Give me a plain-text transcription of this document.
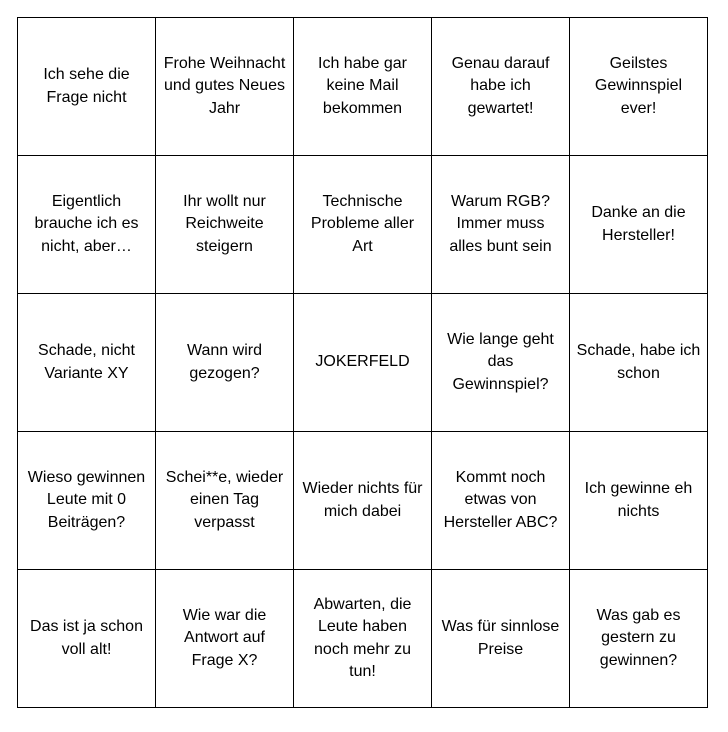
Ich sehe die Frage nicht	Frohe Weihnacht und gutes Neues Jahr	Ich habe gar keine Mail bekommen	Genau darauf habe ich gewartet!	Geilstes Gewinnspiel ever!
Eigentlich brauche ich es nicht, aber…	Ihr wollt nur Reichweite steigern	Technische Probleme aller Art	Warum RGB? Immer muss alles bunt sein	Danke an die Hersteller!
Schade, nicht Variante XY	Wann wird gezogen?	JOKERFELD	Wie lange geht das Gewinnspiel?	Schade, habe ich schon
Wieso gewinnen Leute mit 0 Beiträgen?	Schei**e, wieder einen Tag verpasst	Wieder nichts für mich dabei	Kommt noch etwas von Hersteller ABC?	Ich gewinne eh nichts
Das ist ja schon voll alt!	Wie war die Antwort auf Frage X?	Abwarten, die Leute haben noch mehr zu tun!	Was für sinnlose Preise	Was gab es gestern zu gewinnen?
